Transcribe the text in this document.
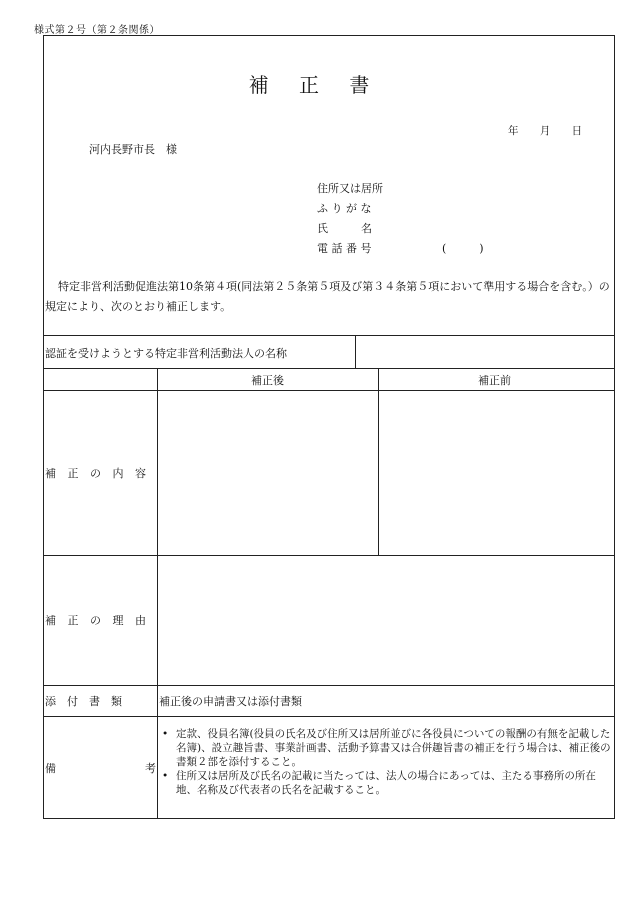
様式第２号（第２条関係）
補 正 書
年 月 日
河内長野市長　様
住所又は居所
ふ り が な
氏　　　名
電 話 番 号	(　　　)
特定非営利活動促進法第10条第４項(同法第２５条第５項及び第３４条第５項において準用する場合を含む。）の規定により、次のとおり補正します。
認証を受けようとする特定非営利活動法人の名称
補正後	補正前
補 正 の 内 容
補 正 の 理 由
添　付　書　類	補正後の申請書又は添付書類
備	考
• 定款、役員名簿(役員の氏名及び住所又は居所並びに各役員についての報酬の有無を記載した名簿)、設立趣旨書、事業計画書、活動予算書又は合併趣旨書の補正を行う場合は、補正後の書類２部を添付すること。
• 住所又は居所及び氏名の記載に当たっては、法人の場合にあっては、主たる事務所の所在地、名称及び代表者の氏名を記載すること。
